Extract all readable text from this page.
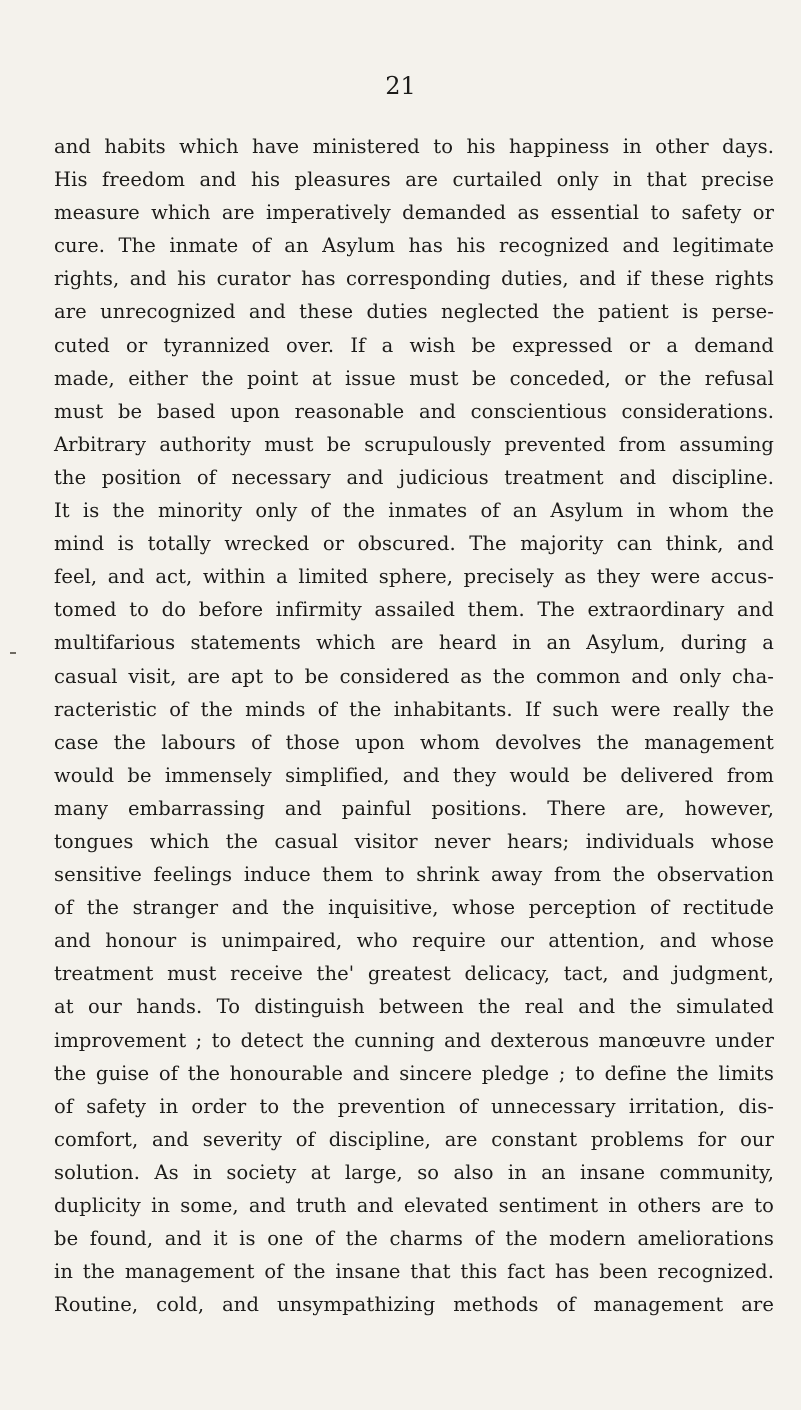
21
and habits which have ministered to his happiness in other days.
His freedom and his pleasures are curtailed only in that precise
measure which are imperatively demanded as essential to safety or
cure. The inmate of an Asylum has his recognized and legitimate
rights, and his curator has corresponding duties, and if these rights
are unrecognized and these duties neglected the patient is perse-
cuted or tyrannized over. If a wish be expressed or a demand
made, either the point at issue must be conceded, or the refusal
must be based upon reasonable and conscientious considerations.
Arbitrary authority must be scrupulously prevented from assuming
the position of necessary and judicious treatment and discipline.
It is the minority only of the inmates of an Asylum in whom the
mind is totally wrecked or obscured. The majority can think, and
feel, and act, within a limited sphere, precisely as they were accus-
tomed to do before infirmity assailed them. The extraordinary and
multifarious statements which are heard in an Asylum, during a
casual visit, are apt to be considered as the common and only cha-
racteristic of the minds of the inhabitants. If such were really the
case the labours of those upon whom devolves the management
would be immensely simplified, and they would be delivered from
many embarrassing and painful positions. There are, however,
tongues which the casual visitor never hears; individuals whose
sensitive feelings induce them to shrink away from the observation
of the stranger and the inquisitive, whose perception of rectitude
and honour is unimpaired, who require our attention, and whose
treatment must receive the' greatest delicacy, tact, and judgment,
at our hands. To distinguish between the real and the simulated
improvement ; to detect the cunning and dexterous manœuvre under
the guise of the honourable and sincere pledge ; to define the limits
of safety in order to the prevention of unnecessary irritation, dis-
comfort, and severity of discipline, are constant problems for our
solution. As in society at large, so also in an insane community,
duplicity in some, and truth and elevated sentiment in others are to
be found, and it is one of the charms of the modern ameliorations
in the management of the insane that this fact has been recognized.
Routine, cold, and unsympathizing methods of management are
